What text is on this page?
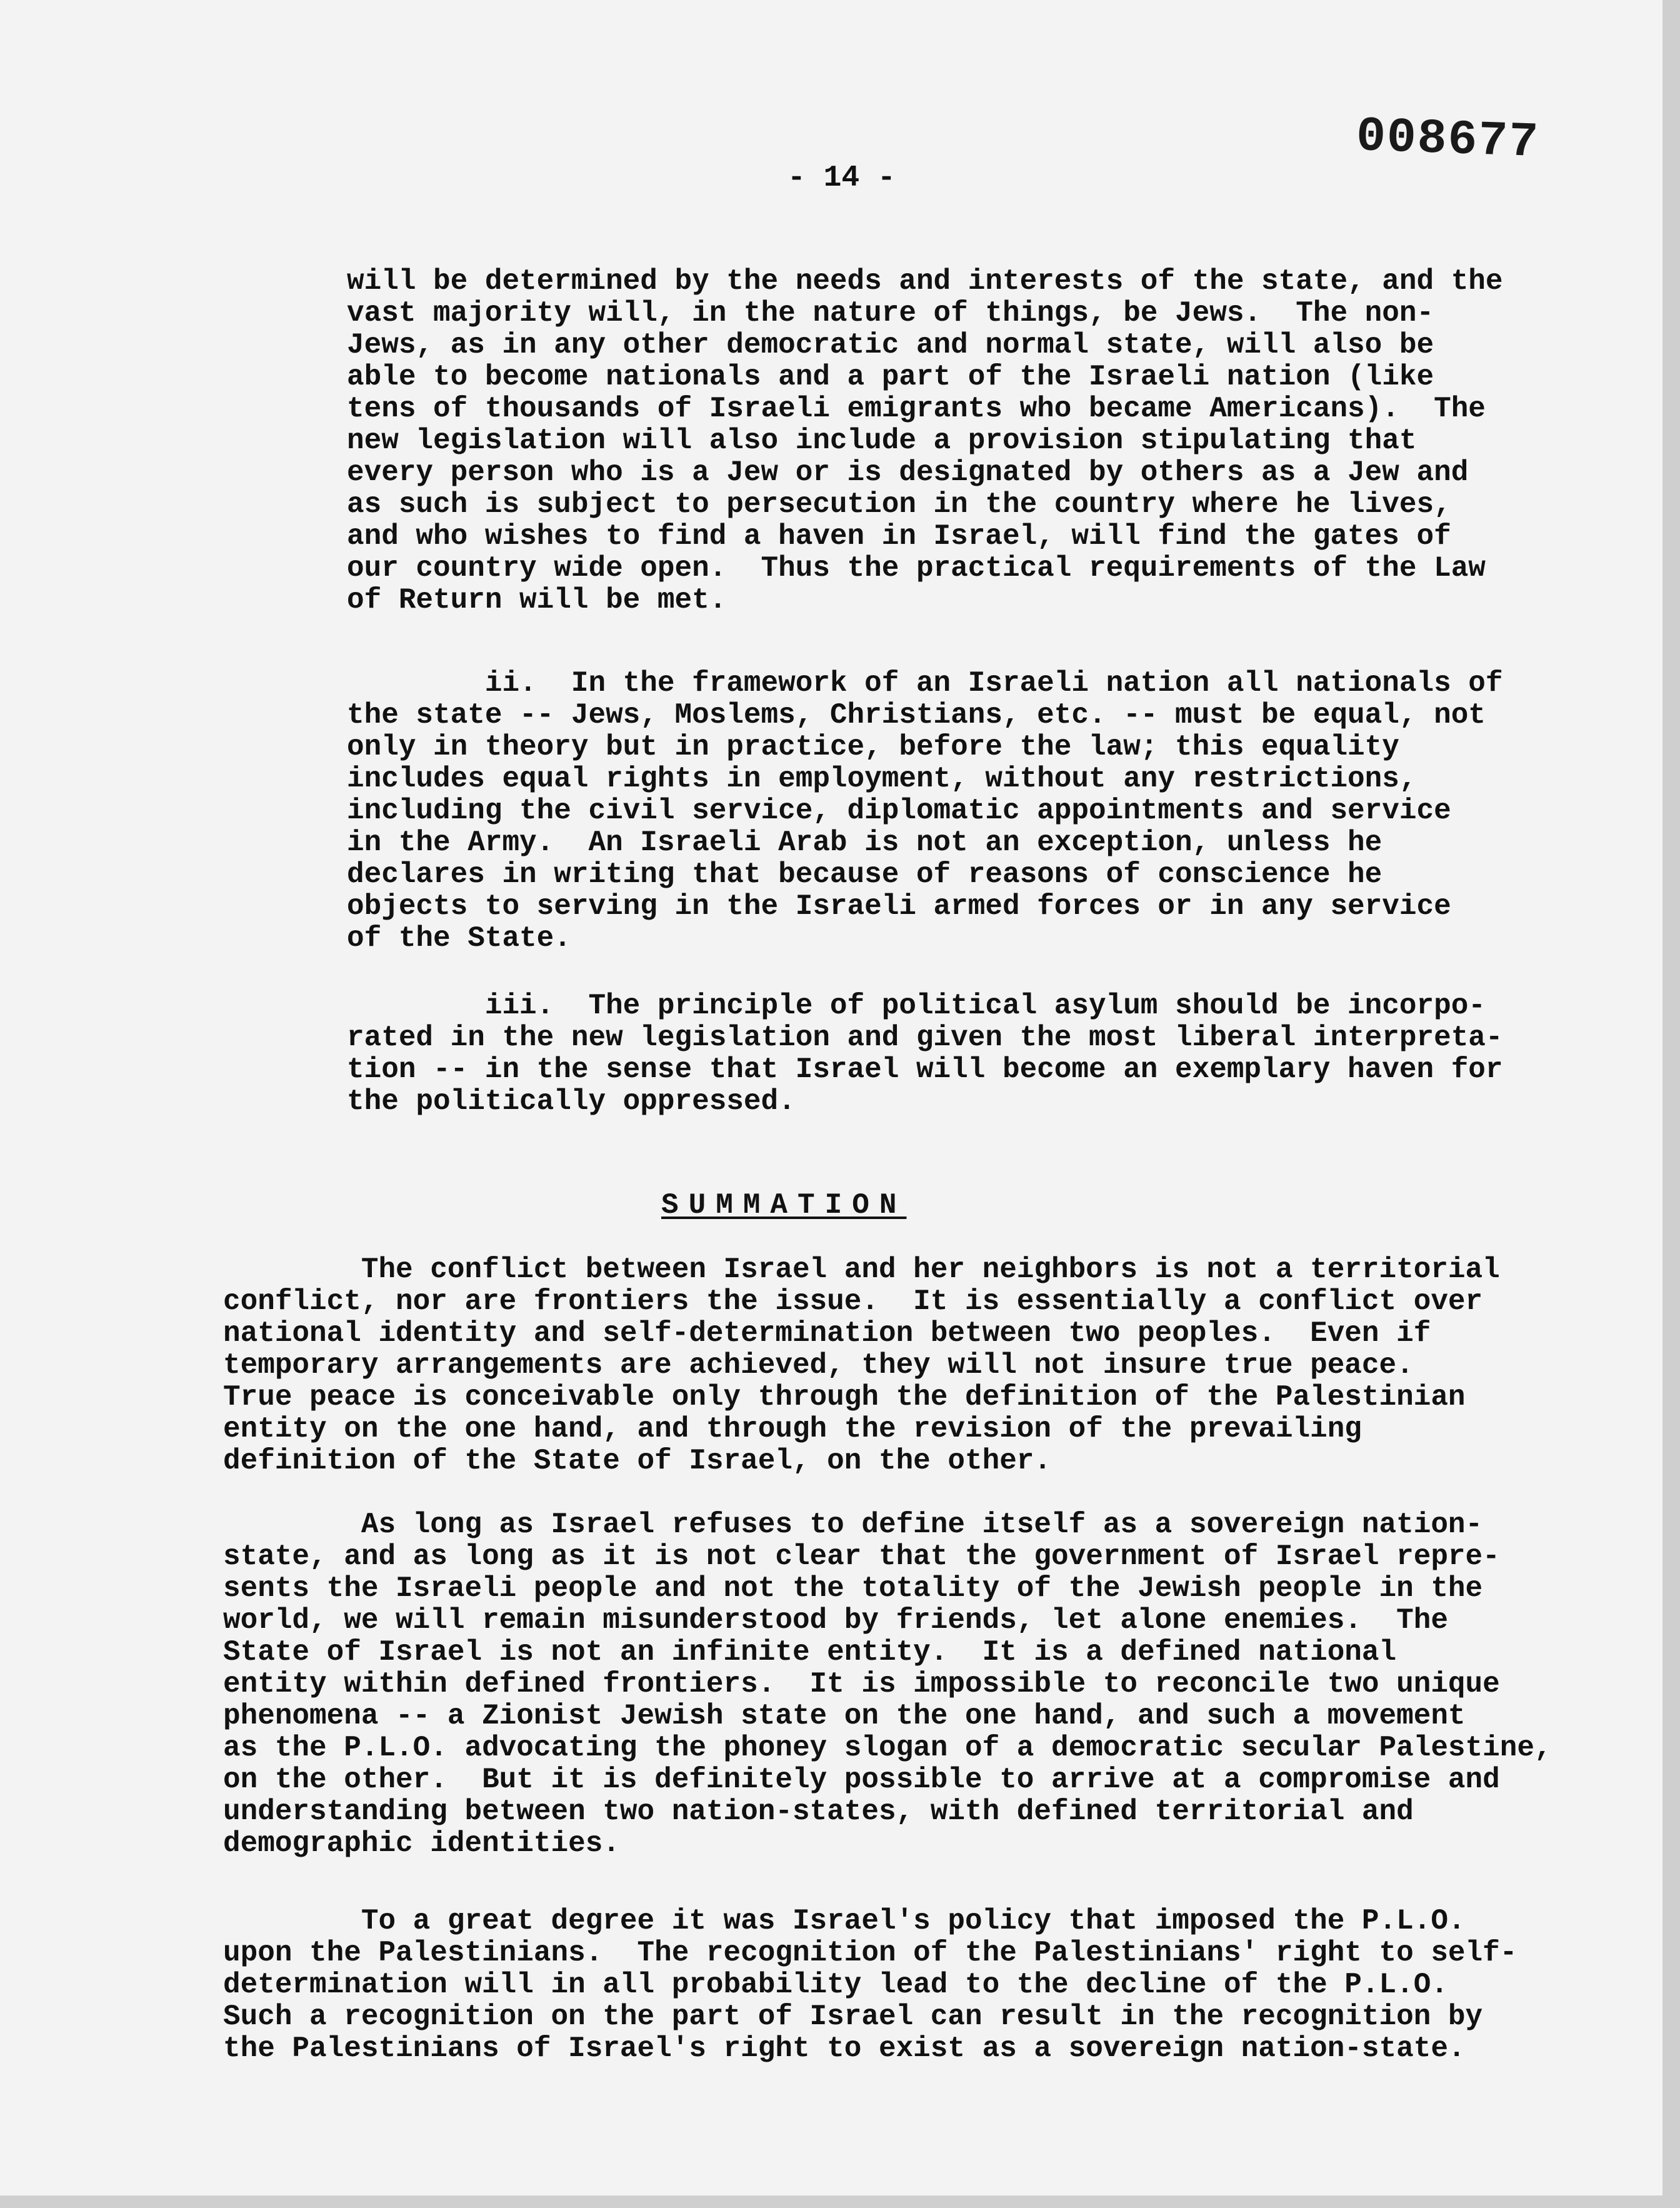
008677
- 14 -
will be determined by the needs and interests of the state, and the
vast majority will, in the nature of things, be Jews.  The non-
Jews, as in any other democratic and normal state, will also be
able to become nationals and a part of the Israeli nation (like
tens of thousands of Israeli emigrants who became Americans).  The
new legislation will also include a provision stipulating that
every person who is a Jew or is designated by others as a Jew and
as such is subject to persecution in the country where he lives,
and who wishes to find a haven in Israel, will find the gates of
our country wide open.  Thus the practical requirements of the Law
of Return will be met.
ii.  In the framework of an Israeli nation all nationals of
the state -- Jews, Moslems, Christians, etc. -- must be equal, not
only in theory but in practice, before the law; this equality
includes equal rights in employment, without any restrictions,
including the civil service, diplomatic appointments and service
in the Army.  An Israeli Arab is not an exception, unless he
declares in writing that because of reasons of conscience he
objects to serving in the Israeli armed forces or in any service
of the State.
iii.  The principle of political asylum should be incorpo-
rated in the new legislation and given the most liberal interpreta-
tion -- in the sense that Israel will become an exemplary haven for
the politically oppressed.
SUMMATION
The conflict between Israel and her neighbors is not a territorial
conflict, nor are frontiers the issue.  It is essentially a conflict over
national identity and self-determination between two peoples.  Even if
temporary arrangements are achieved, they will not insure true peace.
True peace is conceivable only through the definition of the Palestinian
entity on the one hand, and through the revision of the prevailing
definition of the State of Israel, on the other.
As long as Israel refuses to define itself as a sovereign nation-
state, and as long as it is not clear that the government of Israel repre-
sents the Israeli people and not the totality of the Jewish people in the
world, we will remain misunderstood by friends, let alone enemies.  The
State of Israel is not an infinite entity.  It is a defined national
entity within defined frontiers.  It is impossible to reconcile two unique
phenomena -- a Zionist Jewish state on the one hand, and such a movement
as the P.L.O. advocating the phoney slogan of a democratic secular Palestine,
on the other.  But it is definitely possible to arrive at a compromise and
understanding between two nation-states, with defined territorial and
demographic identities.
To a great degree it was Israel's policy that imposed the P.L.O.
upon the Palestinians.  The recognition of the Palestinians' right to self-
determination will in all probability lead to the decline of the P.L.O.
Such a recognition on the part of Israel can result in the recognition by
the Palestinians of Israel's right to exist as a sovereign nation-state.
